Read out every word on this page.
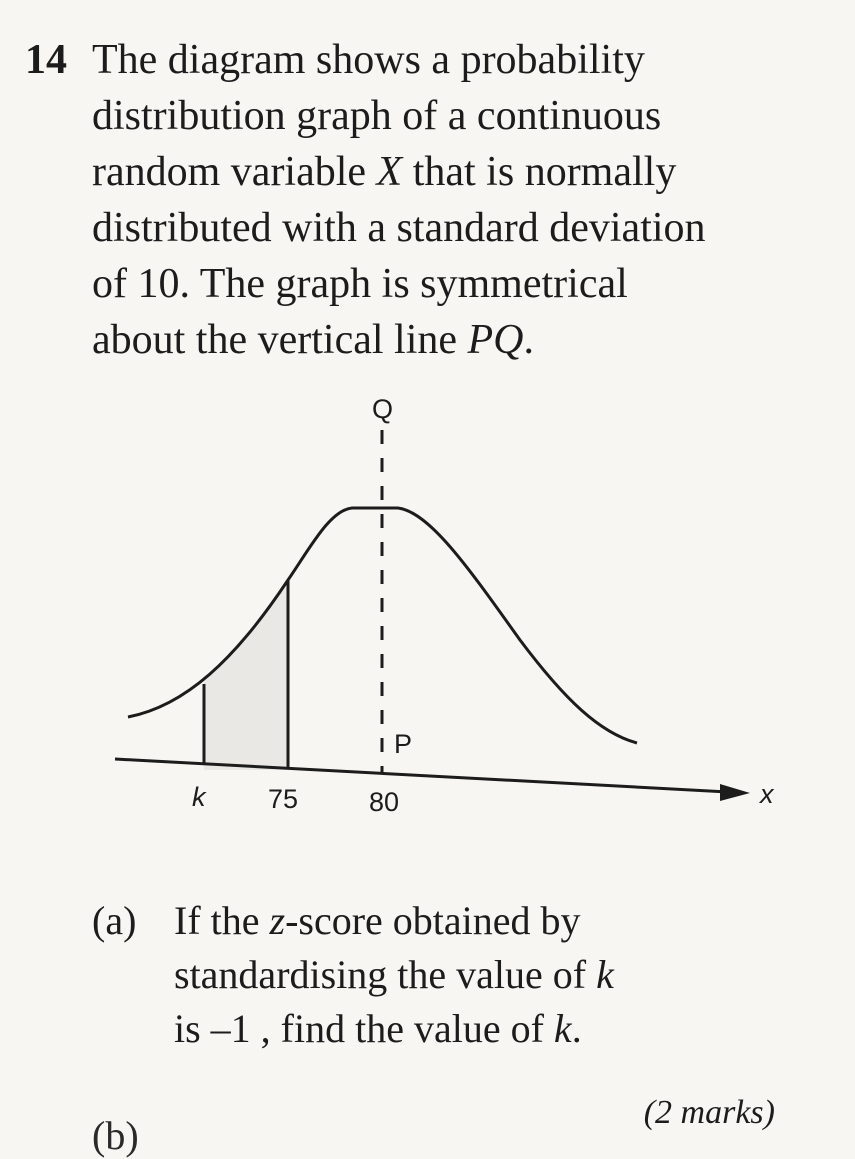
14 The diagram shows a probability
distribution graph of a continuous
random variable X that is normally
distributed with a standard deviation
of 10. The graph is symmetrical
about the vertical line PQ.
Q
P
x
k 75	80
(a) If the z-score obtained by
standardising the value of k
is –1 , find the value of k.
(2 marks)
(b)
